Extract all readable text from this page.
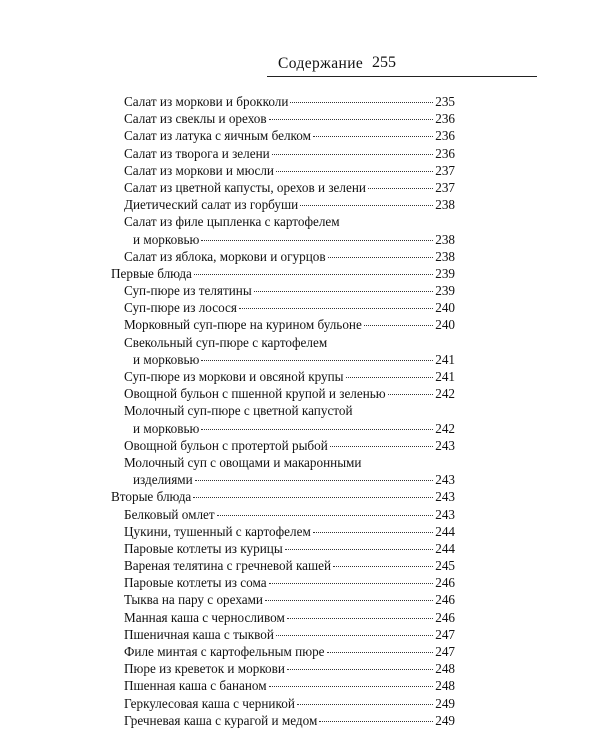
Содержание 255
Салат из моркови и брокколи	235
Салат из свеклы и орехов	236
Салат из латука с яичным белком	236
Салат из творога и зелени	236
Салат из моркови и мюсли	237
Салат из цветной капусты, орехов и зелени	237
Диетический салат из горбуши	238
Салат из филе цыпленка с картофелем
и морковью	238
Салат из яблока, моркови и огурцов	238
Первые блюда	239
Суп-пюре из телятины	239
Суп-пюре из лосося	240
Морковный суп-пюре на курином бульоне	240
Свекольный суп-пюре с картофелем
и морковью	241
Суп-пюре из моркови и овсяной крупы	241
Овощной бульон с пшенной крупой и зеленью	242
Молочный суп-пюре с цветной капустой
и морковью	242
Овощной бульон с протертой рыбой	243
Молочный суп с овощами и макаронными
изделиями	243
Вторые блюда	243
Белковый омлет	243
Цукини, тушенный с картофелем	244
Паровые котлеты из курицы	244
Вареная телятина с гречневой кашей	245
Паровые котлеты из сома	246
Тыква на пару с орехами	246
Манная каша с черносливом	246
Пшеничная каша с тыквой	247
Филе минтая с картофельным пюре	247
Пюре из креветок и моркови	248
Пшенная каша с бананом	248
Геркулесовая каша с черникой	249
Гречневая каша с курагой и медом	249
